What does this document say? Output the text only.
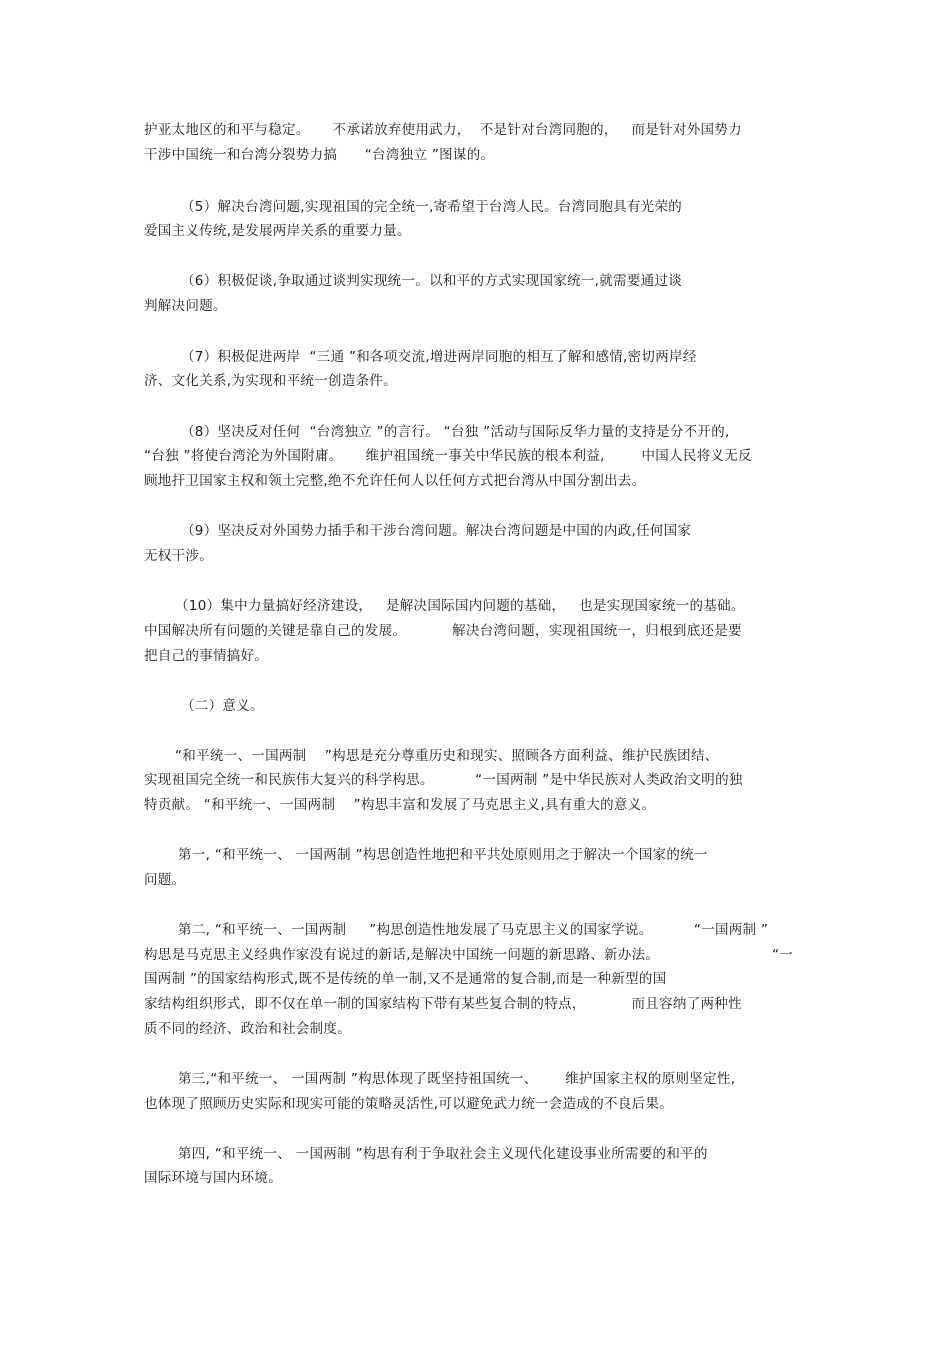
护亚太地区的和平与稳定。     不承诺放弃使用武力，  不是针对台湾同胞的，   而是针对外国势力
干涉中国统一和台湾分裂势力搞      “台湾独立 ”图谋的。
（5）解决台湾问题,实现祖国的完全统一,寄希望于台湾人民。台湾同胞具有光荣的
爱国主义传统,是发展两岸关系的重要力量。
（6）积极促谈,争取通过谈判实现统一。以和平的方式实现国家统一,就需要通过谈
判解决问题。
（7）积极促进两岸  “三通 ”和各项交流,增进两岸同胞的相互了解和感情,密切两岸经
济、文化关系,为实现和平统一创造条件。
（8）坚决反对任何  “台湾独立 ”的言行。 “台独 ”活动与国际反华力量的支持是分不开的,
“台独 ”将使台湾沦为外国附庸。     维护祖国统一事关中华民族的根本利益,        中国人民将义无反
顾地扞卫国家主权和领土完整,绝不允许任何人以任何方式把台湾从中国分割出去。
（9）坚决反对外国势力插手和干涉台湾问题。解决台湾问题是中国的内政,任何国家
无权干涉。
（10）集中力量搞好经济建设，   是解决国际国内问题的基础，   也是实现国家统一的基础。
中国解决所有问题的关键是靠自己的发展。          解决台湾问题，实现祖国统一，归根到底还是要
把自己的事情搞好。
（二）意义。
“和平统一、一国两制    ”构思是充分尊重历史和现实、照顾各方面利益、维护民族团结、
实现祖国完全统一和民族伟大复兴的科学构思。         “一国两制 ”是中华民族对人类政治文明的独
特贡献。 “和平统一、一国两制    ”构思丰富和发展了马克思主义,具有重大的意义。
第一, “和平统一、 一国两制 ”构思创造性地把和平共处原则用之于解决一个国家的统一
问题。
第二, “和平统一、一国两制     ”构思创造性地发展了马克思主义的国家学说。         “一国两制 ”
构思是马克思主义经典作家没有说过的新话,是解决中国统一问题的新思路、新办法。	“一
国两制 ”的国家结构形式,既不是传统的单一制,又不是通常的复合制,而是一种新型的国
家结构组织形式，即不仅在单一制的国家结构下带有某些复合制的特点，          而且容纳了两种性
质不同的经济、政治和社会制度。
第三,“和平统一、 一国两制 ”构思体现了既坚持祖国统一、      维护国家主权的原则坚定性,
也体现了照顾历史实际和现实可能的策略灵活性,可以避免武力统一会造成的不良后果。
第四, “和平统一、 一国两制 ”构思有利于争取社会主义现代化建设事业所需要的和平的
国际环境与国内环境。
